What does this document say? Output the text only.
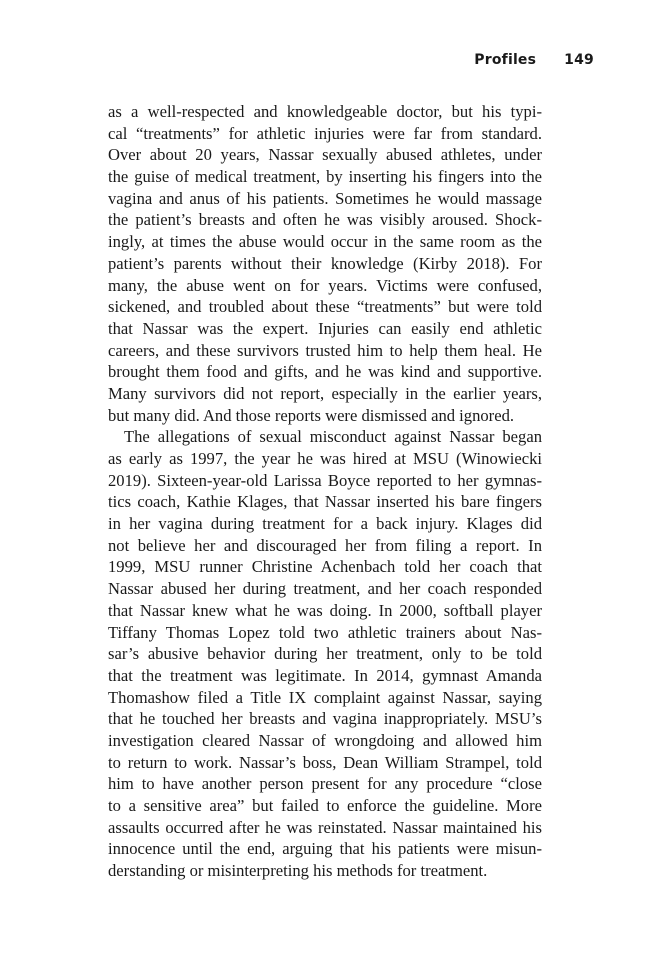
Profiles 149
as a well-respected and knowledgeable doctor, but his typi-
cal “treatments” for athletic injuries were far from standard.
Over about 20 years, Nassar sexually abused athletes, under
the guise of medical treatment, by inserting his fingers into the
vagina and anus of his patients. Sometimes he would massage
the patient’s breasts and often he was visibly aroused. Shock-
ingly, at times the abuse would occur in the same room as the
patient’s parents without their knowledge (Kirby 2018). For
many, the abuse went on for years. Victims were confused,
sickened, and troubled about these “treatments” but were told
that Nassar was the expert. Injuries can easily end athletic
careers, and these survivors trusted him to help them heal. He
brought them food and gifts, and he was kind and supportive.
Many survivors did not report, especially in the earlier years,
but many did. And those reports were dismissed and ignored.
The allegations of sexual misconduct against Nassar began
as early as 1997, the year he was hired at MSU (Winowiecki
2019). Sixteen-year-old Larissa Boyce reported to her gymnas-
tics coach, Kathie Klages, that Nassar inserted his bare fingers
in her vagina during treatment for a back injury. Klages did
not believe her and discouraged her from filing a report. In
1999, MSU runner Christine Achenbach told her coach that
Nassar abused her during treatment, and her coach responded
that Nassar knew what he was doing. In 2000, softball player
Tiffany Thomas Lopez told two athletic trainers about Nas-
sar’s abusive behavior during her treatment, only to be told
that the treatment was legitimate. In 2014, gymnast Amanda
Thomashow filed a Title IX complaint against Nassar, saying
that he touched her breasts and vagina inappropriately. MSU’s
investigation cleared Nassar of wrongdoing and allowed him
to return to work. Nassar’s boss, Dean William Strampel, told
him to have another person present for any procedure “close
to a sensitive area” but failed to enforce the guideline. More
assaults occurred after he was reinstated. Nassar maintained his
innocence until the end, arguing that his patients were misun-
derstanding or misinterpreting his methods for treatment.
